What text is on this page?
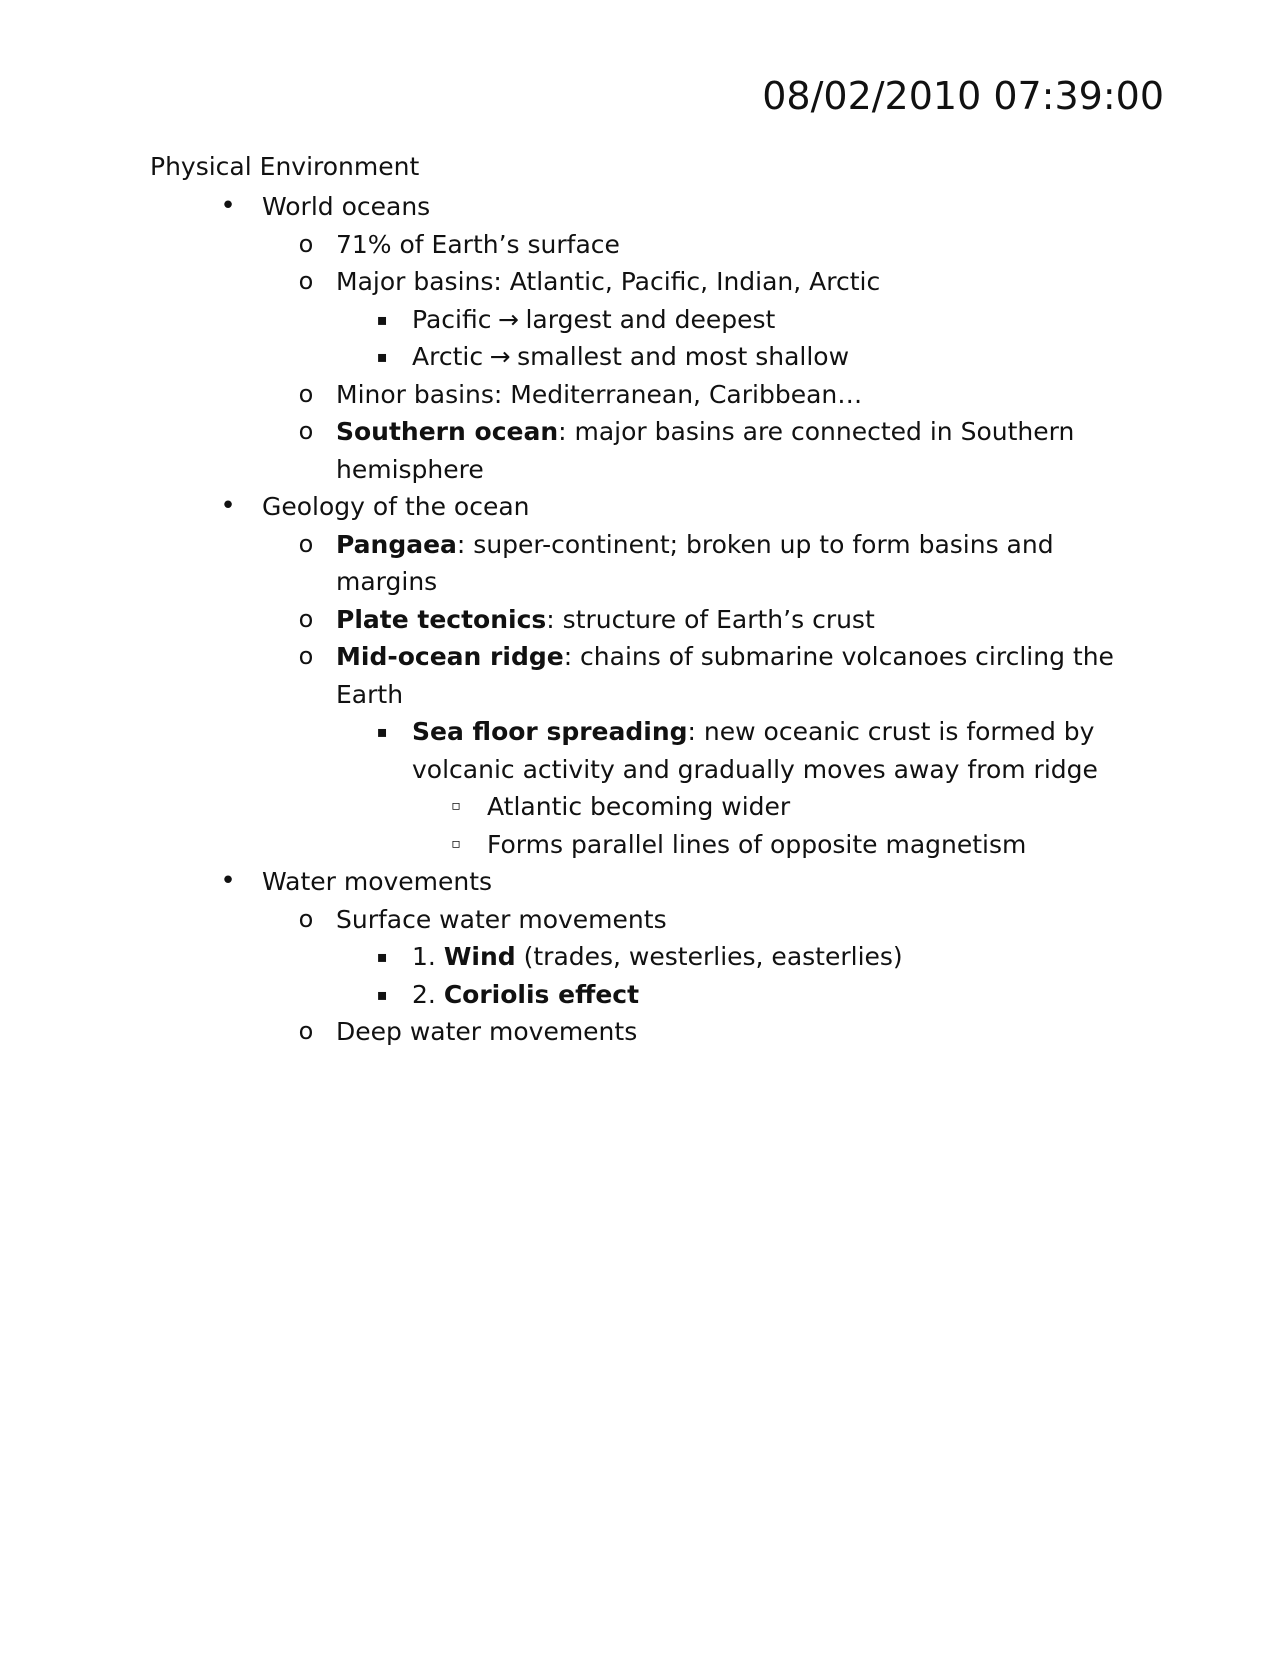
08/02/2010 07:39:00
Physical Environment
• World oceans
o 71% of Earth’s surface
o Major basins: Atlantic, Pacific, Indian, Arctic
▪ Pacific → largest and deepest
▪ Arctic → smallest and most shallow
o Minor basins: Mediterranean, Caribbean…
o Southern ocean: major basins are connected in Southern hemisphere
• Geology of the ocean
o Pangaea: super-continent; broken up to form basins and margins
o Plate tectonics: structure of Earth’s crust
o Mid-ocean ridge: chains of submarine volcanoes circling the Earth
▪ Sea floor spreading: new oceanic crust is formed by volcanic activity and gradually moves away from ridge
▫ Atlantic becoming wider
▫ Forms parallel lines of opposite magnetism
• Water movements
o Surface water movements
▪ 1. Wind (trades, westerlies, easterlies)
▪ 2. Coriolis effect
o Deep water movements
